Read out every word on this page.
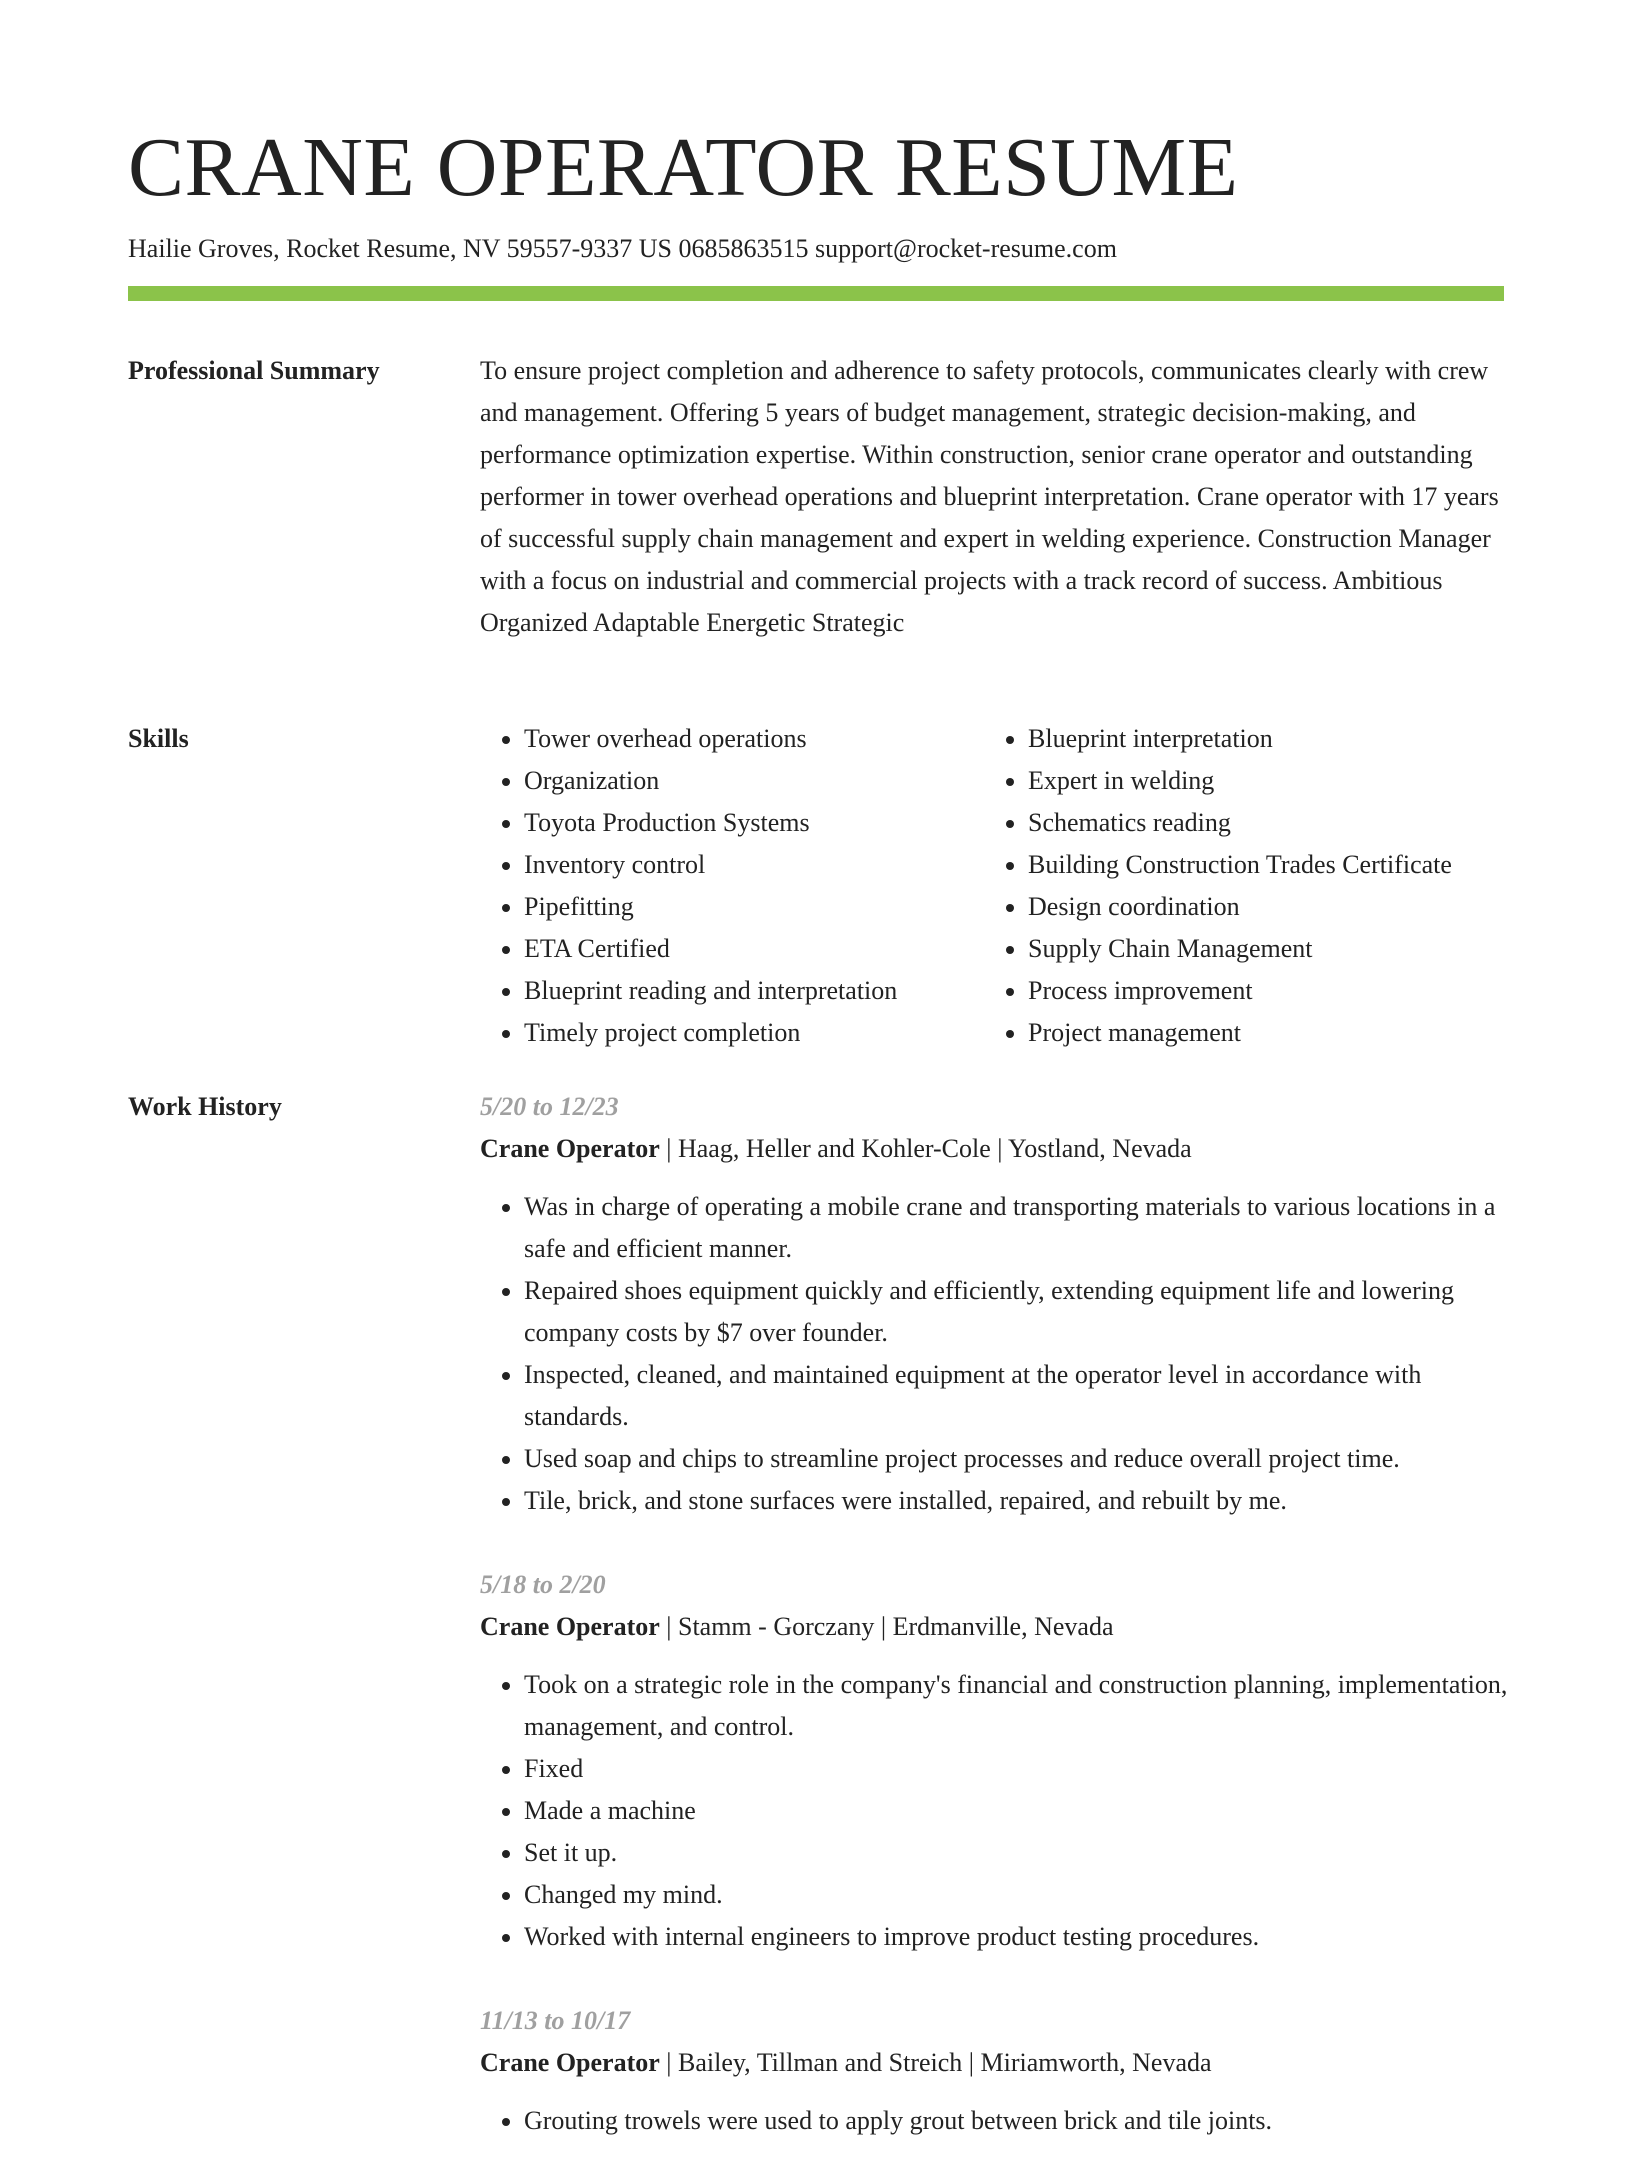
CRANE OPERATOR RESUME
Hailie Groves, Rocket Resume, NV 59557-9337 US 0685863515 support@rocket-resume.com
Professional Summary	To ensure project completion and adherence to safety protocols, communicates clearly with crew and management. Offering 5 years of budget management, strategic decision-making, and performance optimization expertise. Within construction, senior crane operator and outstanding performer in tower overhead operations and blueprint interpretation. Crane operator with 17 years of successful supply chain management and expert in welding experience. Construction Manager with a focus on industrial and commercial projects with a track record of success. Ambitious Organized Adaptable Energetic Strategic

Skills
•	Tower overhead operations
• Organization
• Toyota Production Systems
• Inventory control
• Pipefitting
• ETA Certified
• Blueprint reading and interpretation
• Timely project completion
• Blueprint interpretation
• Expert in welding
• Schematics reading
• Building Construction Trades Certificate
• Design coordination
• Supply Chain Management
• Process improvement
• Project management
Work History	5/20 to 12/23
Crane Operator | Haag, Heller and Kohler-Cole | Yostland, Nevada
• Was in charge of operating a mobile crane and transporting materials to various locations in a safe and efficient manner.
• Repaired shoes equipment quickly and efficiently, extending equipment life and lowering company costs by $7 over founder.
• Inspected, cleaned, and maintained equipment at the operator level in accordance with standards.
• Used soap and chips to streamline project processes and reduce overall project time.
• Tile, brick, and stone surfaces were installed, repaired, and rebuilt by me.
5/18 to 2/20
Crane Operator | Stamm - Gorczany | Erdmanville, Nevada
• Took on a strategic role in the company's financial and construction planning, implementation, management, and control.
• Fixed
• Made a machine
• Set it up.
• Changed my mind.
• Worked with internal engineers to improve product testing procedures.
11/13 to 10/17
Crane Operator | Bailey, Tillman and Streich | Miriamworth, Nevada
• Grouting trowels were used to apply grout between brick and tile joints.
